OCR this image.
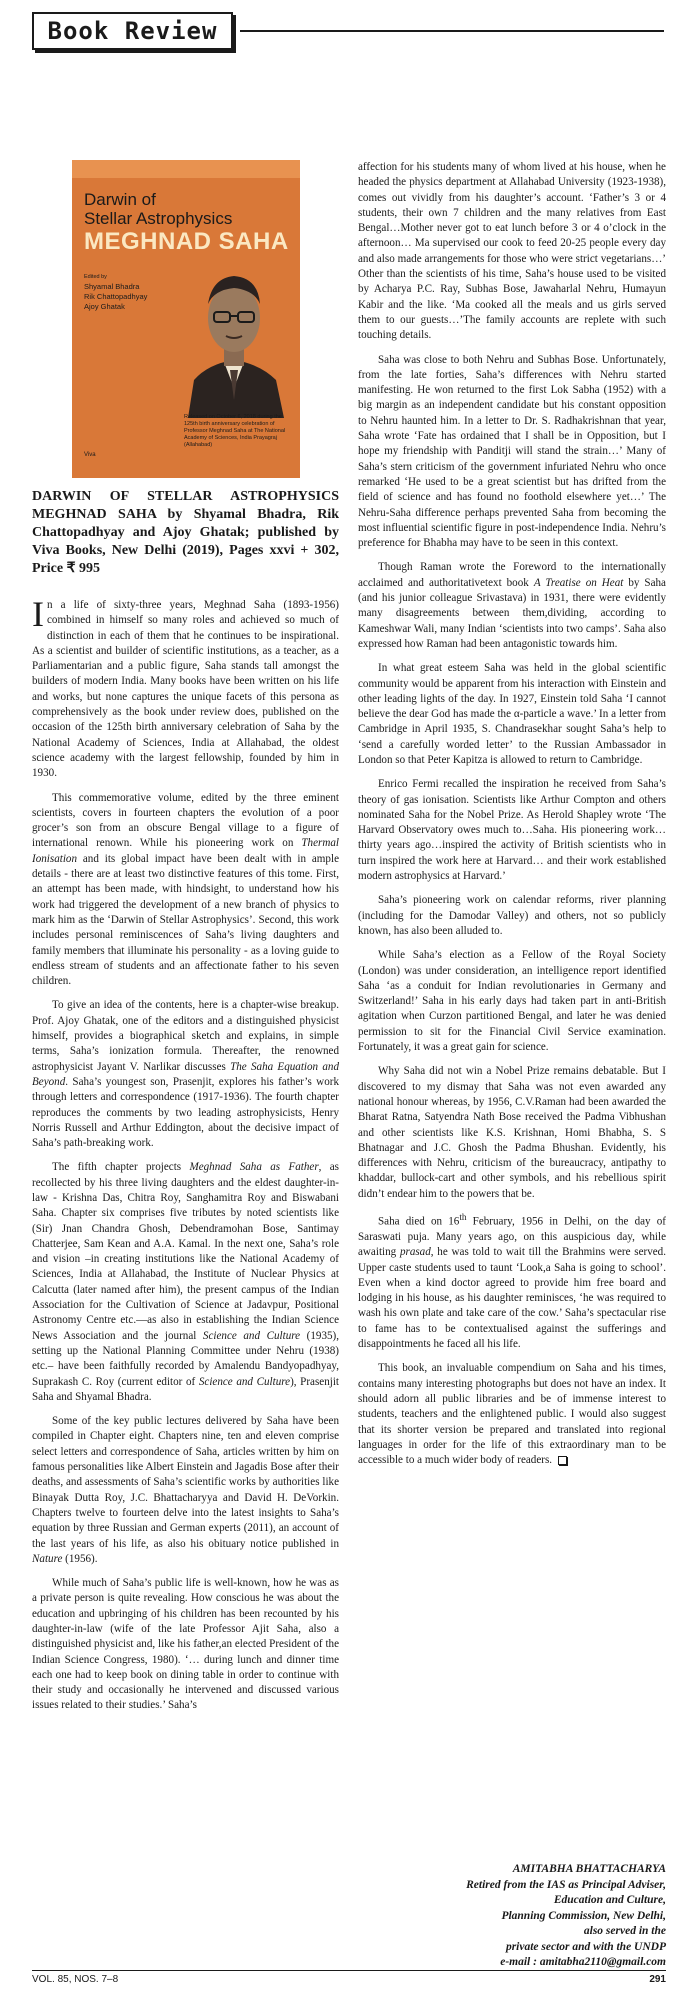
Book Review
Darwin of
Stellar Astrophysics
MEGHNAD SAHA
Edited by
Shyamal Bhadra
Rik Chattopadhyay
Ajoy Ghatak
Released on October 6, 2018 during the 125th birth anniversary celebration of Professor Meghnad Saha at The National Academy of Sciences, India Prayagraj (Allahabad)
Viva
DARWIN OF STELLAR ASTROPHYSICS MEGHNAD SAHA by Shyamal Bhadra, Rik Chattopadhyay and Ajoy Ghatak; published by Viva Books, New Delhi (2019), Pages xxvi + 302, Price ₹ 995

In a life of sixty-three years, Meghnad Saha (1893-1956) combined in himself so many roles and achieved so much of distinction in each of them that he continues to be inspirational. As a scientist and builder of scientific institutions, as a teacher, as a Parliamentarian and a public figure, Saha stands tall amongst the builders of modern India. Many books have been written on his life and works, but none captures the unique facets of this persona as comprehensively as the book under review does, published on the occasion of the 125th birth anniversary celebration of Saha by the National Academy of Sciences, India at Allahabad, the oldest science academy with the largest fellowship, founded by him in 1930.

This commemorative volume, edited by the three eminent scientists, covers in fourteen chapters the evolution of a poor grocer’s son from an obscure Bengal village to a figure of international renown. While his pioneering work on Thermal Ionisation and its global impact have been dealt with in ample details - there are at least two distinctive features of this tome. First, an attempt has been made, with hindsight, to understand how his work had triggered the development of a new branch of physics to mark him as the ‘Darwin of Stellar Astrophysics’. Second, this work includes personal reminiscences of Saha’s living daughters and family members that illuminate his personality - as a loving guide to endless stream of students and an affectionate father to his seven children.

To give an idea of the contents, here is a chapter-wise breakup. Prof. Ajoy Ghatak, one of the editors and a distinguished physicist himself, provides a biographical sketch and explains, in simple terms, Saha’s ionization formula. Thereafter, the renowned astrophysicist Jayant V. Narlikar discusses The Saha Equation and Beyond. Saha’s youngest son, Prasenjit, explores his father’s work through letters and correspondence (1917-1936). The fourth chapter reproduces the comments by two leading astrophysicists, Henry Norris Russell and Arthur Eddington, about the decisive impact of Saha’s path-breaking work.

The fifth chapter projects Meghnad Saha as Father, as recollected by his three living daughters and the eldest daughter-in-law - Krishna Das, Chitra Roy, Sanghamitra Roy and Biswabani Saha. Chapter six comprises five tributes by noted scientists like (Sir) Jnan Chandra Ghosh, Debendramohan Bose, Santimay Chatterjee, Sam Kean and A.A. Kamal. In the next one, Saha’s role and vision –in creating institutions like the National Academy of Sciences, India at Allahabad, the Institute of Nuclear Physics at Calcutta (later named after him), the present campus of the Indian Association for the Cultivation of Science at Jadavpur, Positional Astronomy Centre etc.—as also in establishing the Indian Science News Association and the journal Science and Culture (1935), setting up the National Planning Committee under Nehru (1938) etc.– have been faithfully recorded by Amalendu Bandyopadhyay, Suprakash C. Roy (current editor of Science and Culture), Prasenjit Saha and Shyamal Bhadra.

Some of the key public lectures delivered by Saha have been compiled in Chapter eight. Chapters nine, ten and eleven comprise select letters and correspondence of Saha, articles written by him on famous personalities like Albert Einstein and Jagadis Bose after their deaths, and assessments of Saha’s scientific works by authorities like Binayak Dutta Roy, J.C. Bhattacharyya and David H. DeVorkin. Chapters twelve to fourteen delve into the latest insights to Saha’s equation by three Russian and German experts (2011), an account of the last years of his life, as also his obituary notice published in Nature (1956).

While much of Saha’s public life is well-known, how he was as a private person is quite revealing. How conscious he was about the education and upbringing of his children has been recounted by his daughter-in-law (wife of the late Professor Ajit Saha, also a distinguished physicist and, like his father,an elected President of the Indian Science Congress, 1980). ‘… during lunch and dinner time each one had to keep book on dining table in order to continue with their study and occasionally he intervened and discussed various issues related to their studies.’ Saha’s

affection for his students many of whom lived at his house, when he headed the physics department at Allahabad University (1923-1938), comes out vividly from his daughter’s account. ‘Father’s 3 or 4 students, their own 7 children and the many relatives from East Bengal…Mother never got to eat lunch before 3 or 4 o’clock in the afternoon… Ma supervised our cook to feed 20-25 people every day and also made arrangements for those who were strict vegetarians…’ Other than the scientists of his time, Saha’s house used to be visited by Acharya P.C. Ray, Subhas Bose, Jawaharlal Nehru, Humayun Kabir and the like. ‘Ma cooked all the meals and us girls served them to our guests…’The family accounts are replete with such touching details.

Saha was close to both Nehru and Subhas Bose. Unfortunately, from the late forties, Saha’s differences with Nehru started manifesting. He won returned to the first Lok Sabha (1952) with a big margin as an independent candidate but his constant opposition to Nehru haunted him. In a letter to Dr. S. Radhakrishnan that year, Saha wrote ‘Fate has ordained that I shall be in Opposition, but I hope my friendship with Panditji will stand the strain…’ Many of Saha’s stern criticism of the government infuriated Nehru who once remarked ‘He used to be a great scientist but has drifted from the field of science and has found no foothold elsewhere yet…’ The Nehru-Saha difference perhaps prevented Saha from becoming the most influential scientific figure in post-independence India. Nehru’s preference for Bhabha may have to be seen in this context.

Though Raman wrote the Foreword to the internationally acclaimed and authoritativetext book A Treatise on Heat by Saha (and his junior colleague Srivastava) in 1931, there were evidently many disagreements between them,dividing, according to Kameshwar Wali, many Indian ‘scientists into two camps’. Saha also expressed how Raman had been antagonistic towards him.

In what great esteem Saha was held in the global scientific community would be apparent from his interaction with Einstein and other leading lights of the day. In 1927, Einstein told Saha ‘I cannot believe the dear God has made the α-particle a wave.’ In a letter from Cambridge in April 1935, S. Chandrasekhar sought Saha’s help to ‘send a carefully worded letter’ to the Russian Ambassador in London so that Peter Kapitza is allowed to return to Cambridge.

Enrico Fermi recalled the inspiration he received from Saha’s theory of gas ionisation. Scientists like Arthur Compton and others nominated Saha for the Nobel Prize. As Herold Shapley wrote ‘The Harvard Observatory owes much to…Saha. His pioneering work…thirty years ago…inspired the activity of British scientists who in turn inspired the work here at Harvard… and their work established modern astrophysics at Harvard.’

Saha’s pioneering work on calendar reforms, river planning (including for the Damodar Valley) and others, not so publicly known, has also been alluded to.

While Saha’s election as a Fellow of the Royal Society (London) was under consideration, an intelligence report identified Saha ‘as a conduit for Indian revolutionaries in Germany and Switzerland!’ Saha in his early days had taken part in anti-British agitation when Curzon partitioned Bengal, and later he was denied permission to sit for the Financial Civil Service examination. Fortunately, it was a great gain for science.

Why Saha did not win a Nobel Prize remains debatable. But I discovered to my dismay that Saha was not even awarded any national honour whereas, by 1956, C.V.Raman had been awarded the Bharat Ratna, Satyendra Nath Bose received the Padma Vibhushan and other scientists like K.S. Krishnan, Homi Bhabha, S. S Bhatnagar and J.C. Ghosh the Padma Bhushan. Evidently, his differences with Nehru, criticism of the bureaucracy, antipathy to khaddar, bullock-cart and other symbols, and his rebellious spirit didn’t endear him to the powers that be.

Saha died on 16th February, 1956 in Delhi, on the day of Saraswati puja. Many years ago, on this auspicious day, while awaiting prasad, he was told to wait till the Brahmins were served. Upper caste students used to taunt ‘Look,a Saha is going to school’. Even when a kind doctor agreed to provide him free board and lodging in his house, as his daughter reminisces, ‘he was required to wash his own plate and take care of the cow.’ Saha’s spectacular rise to fame has to be contextualised against the sufferings and disappointments he faced all his life.

This book, an invaluable compendium on Saha and his times, contains many interesting photographs but does not have an index. It should adorn all public libraries and be of immense interest to students, teachers and the enlightened public. I would also suggest that its shorter version be prepared and translated into regional languages in order for the life of this extraordinary man to be accessible to a much wider body of readers.

AMITABHA BHATTACHARYA
Retired from the IAS as Principal Adviser,
Education and Culture,
Planning Commission, New Delhi,
also served in the
private sector and with the UNDP
e-mail : amitabha2110@gmail.com
VOL. 85, NOS. 7–8	291
